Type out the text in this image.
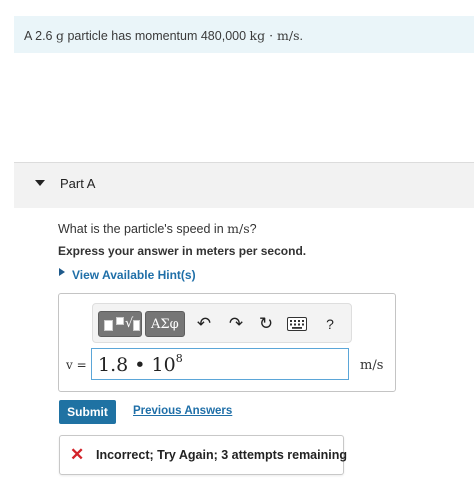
A 2.6 g particle has momentum 480,000 kg · m/s.
Part A
What is the particle's speed in m/s?
Express your answer in meters per second.
View Available Hint(s)
√ ΑΣφ ↶ ↷ ↻	?
v = 1.8 • $10^8$	m/s
Submit	Previous Answers
✕ Incorrect; Try Again; 3 attempts remaining
